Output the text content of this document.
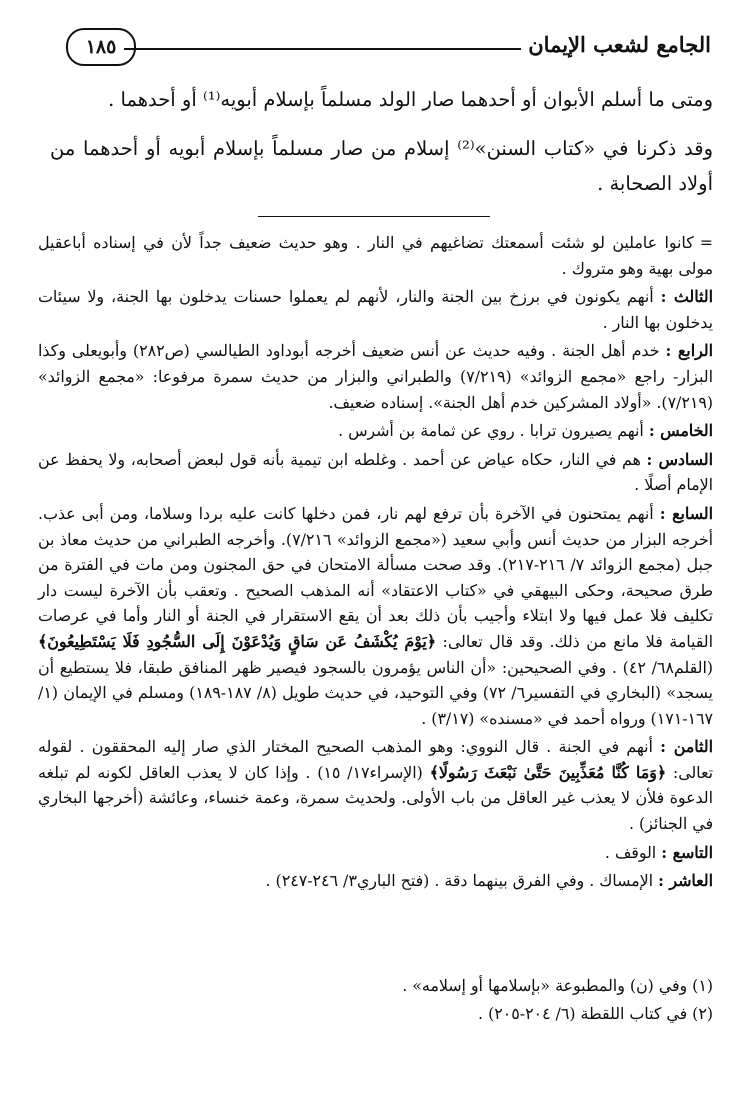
الجامع لشعب الإيمان
١٨٥

ومتى ما أسلم الأبوان أو أحدهما صار الولد مسلماً بإسلام أبويه⁽¹⁾ أو أحدهما .

وقد ذكرنا في «كتاب السنن»⁽²⁾ إسلام من صار مسلماً بإسلام أبويه أو أحدهما من أولاد الصحابة .

=كانوا عاملين لو شئت أسمعتك تضاغيهم في النار . وهو حديث ضعيف جداً لأن في إسناده أباعقيل مولى بهية وهو متروك .

الثالث : أنهم يكونون في برزخ بين الجنة والنار، لأنهم لم يعملوا حسنات يدخلون بها الجنة، ولا سيئات يدخلون بها النار .

الرابع : خدم أهل الجنة . وفيه حديث عن أنس ضعيف أخرجه أبوداود الطيالسي (ص٢٨٢) وأبويعلى وكذا البزار- راجع «مجمع الزوائد» (٧/٢١٩) والطبراني والبزار من حديث سمرة مرفوعا: «مجمع الزوائد» (٧/٢١٩). «أولاد المشركين خدم أهل الجنة». إسناده ضعيف.

الخامس : أنهم يصيرون ترابا . روي عن ثمامة بن أشرس .

السادس : هم في النار، حكاه عياض عن أحمد . وغلطه ابن تيمية بأنه قول لبعض أصحابه، ولا يحفظ عن الإمام أصلًا .

السابع : أنهم يمتحنون في الآخرة بأن ترفع لهم نار، فمن دخلها كانت عليه بردا وسلاما، ومن أبى عذب. أخرجه البزار من حديث أنس وأبي سعيد («مجمع الزوائد» ٧/٢١٦). وأخرجه الطبراني من حديث معاذ بن جبل (مجمع الزوائد ٧/ ٢١٦-٢١٧). وقد صحت مسألة الامتحان في حق المجنون ومن مات في الفترة من طرق صحيحة، وحكى البيهقي في «كتاب الاعتقاد» أنه المذهب الصحيح . وتعقب بأن الآخرة ليست دار تكليف فلا عمل فيها ولا ابتلاء وأجيب بأن ذلك بعد أن يقع الاستقرار في الجنة أو النار وأما في عرصات القيامة فلا مانع من ذلك. وقد قال تعالى: ﴿يَوْمَ يُكْشَفُ عَن سَاقٍ وَيُدْعَوْنَ إِلَى السُّجُودِ فَلَا يَسْتَطِيعُونَ﴾ (القلم٦٨/ ٤٢) . وفي الصحيحين: «أن الناس يؤمرون بالسجود فيصير ظهر المنافق طبقا، فلا يستطيع أن يسجد» (البخاري في التفسير٦/ ٧٢) وفي التوحيد، في حديث طويل (٨/ ١٨٧-١٨٩) ومسلم في الإيمان (١/ ١٦٧-١٧١) ورواه أحمد في «مسنده» (٣/١٧) .

الثامن : أنهم في الجنة . قال النووي: وهو المذهب الصحيح المختار الذي صار إليه المحققون . لقوله تعالى: ﴿وَمَا كُنَّا مُعَذِّبِينَ حَتَّىٰ نَبْعَثَ رَسُولًا﴾ (الإسراء١٧/ ١٥) . وإذا كان لا يعذب العاقل لكونه لم تبلغه الدعوة فلأن لا يعذب غير العاقل من باب الأولى. ولحديث سمرة، وعمة خنساء، وعائشة (أخرجها البخاري في الجنائز) .

التاسع : الوقف .

العاشر : الإمساك . وفي الفرق بينهما دقة . (فتح الباري٣/ ٢٤٦-٢٤٧) .

(١) وفي (ن) والمطبوعة «بإسلامها أو إسلامه» .
(٢) في كتاب اللقطة (٦/ ٢٠٤-٢٠٥) .
